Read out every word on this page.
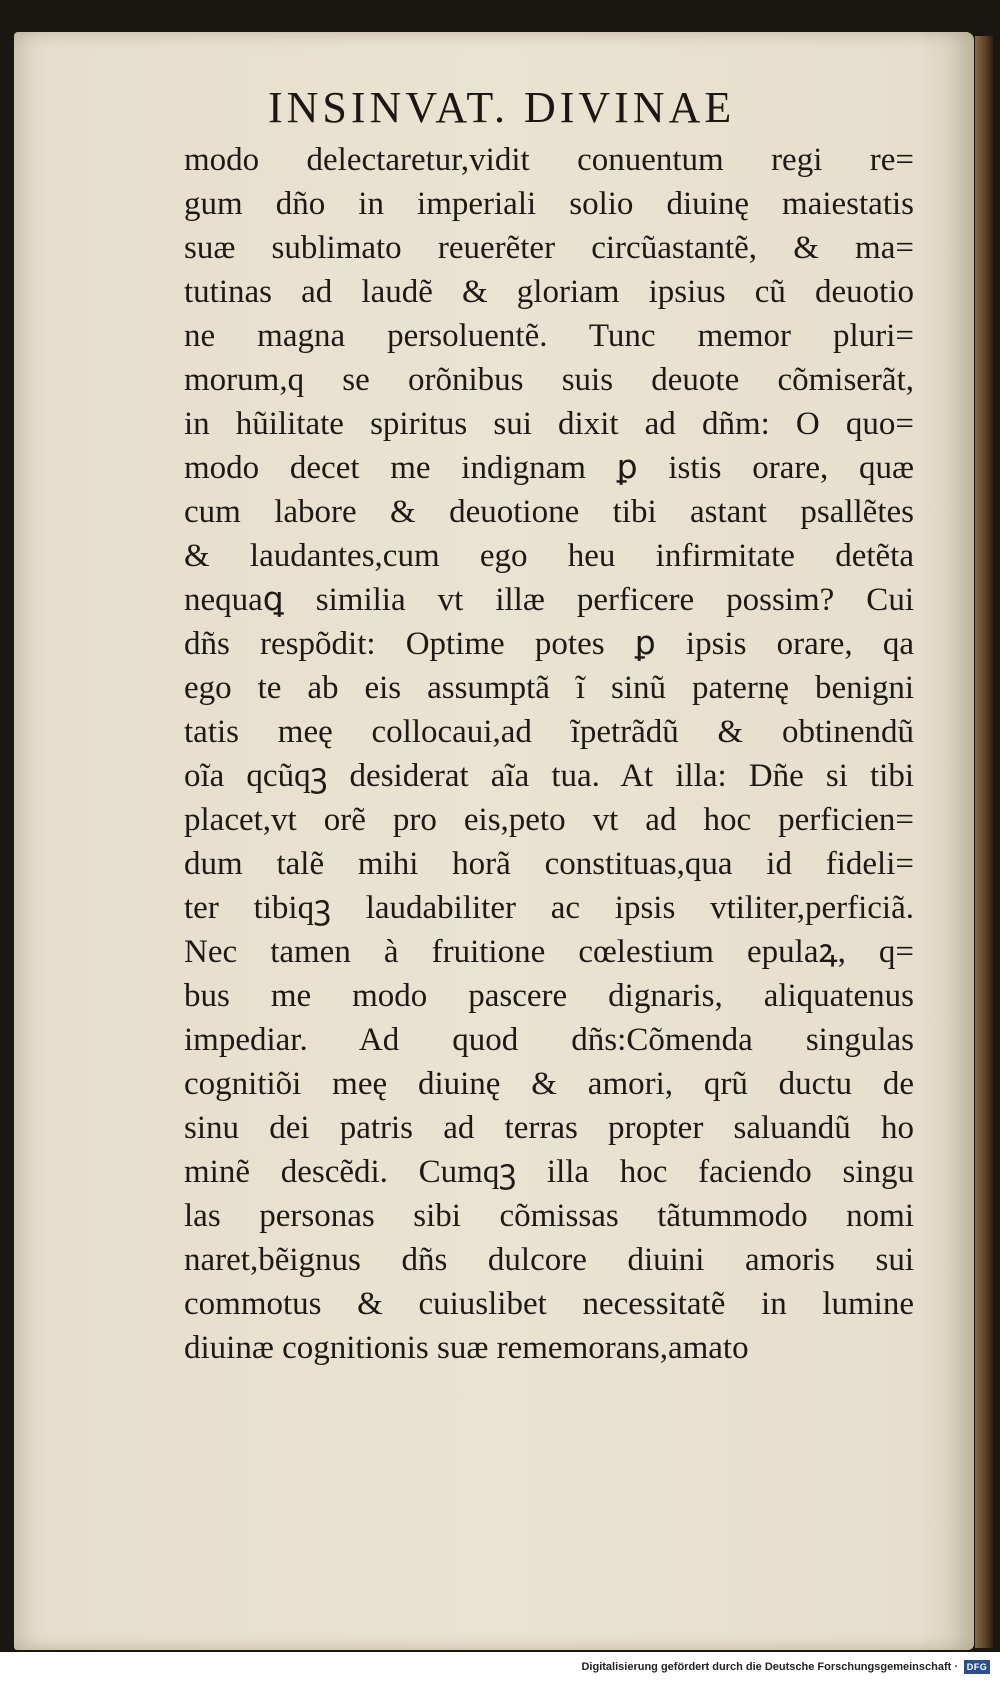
INSINVAT. DIVINAE
modo delectaretur,vidit conuentum regi re=
gum dño in imperiali solio diuinę maiestatis
suæ sublimato reuerẽter circũastantẽ, & ma=
tutinas ad laudẽ & gloriam ipsius cũ deuotio
ne magna persoluentẽ. Tunc memor pluri=
morum,q se orõnibus suis deuote cõmiserãt,
in hũilitate spiritus sui dixit ad dñm: O quo=
modo decet me indignam ꝑ istis orare, quæ
cum labore & deuotione tibi astant psallẽtes
& laudantes,cum ego heu infirmitate detẽta
nequaꝗ similia vt illæ perficere possim? Cui
dñs respõdit: Optime potes ꝑ ipsis orare, qa
ego te ab eis assumptã ĩ sinũ paternę benigni
tatis meę collocaui,ad ĩpetrãdũ & obtinendũ
oĩa qcũqꝫ desiderat aĩa tua. At illa: Dñe si tibi
placet,vt orẽ pro eis,peto vt ad hoc perficien=
dum talẽ mihi horã constituas,qua id fideli=
ter tibiqꝫ laudabiliter ac ipsis vtiliter,perficiã.
Nec tamen à fruitione cœlestium epulaꝝ, q=
bus me modo pascere dignaris, aliquatenus
impediar. Ad quod dñs:Cõmenda singulas
cognitiõi meę diuinę & amori, qrũ ductu de
sinu dei patris ad terras propter saluandũ ho
minẽ descẽdi. Cumqꝫ illa hoc faciendo singu
las personas sibi cõmissas tãtummodo nomi
naret,bẽignus dñs dulcore diuini amoris sui
commotus & cuiuslibet necessitatẽ in lumine
diuinæ cognitionis suæ rememorans,amato
Digitalisierung gefördert durch die Deutsche Forschungsgemeinschaft · DFG
